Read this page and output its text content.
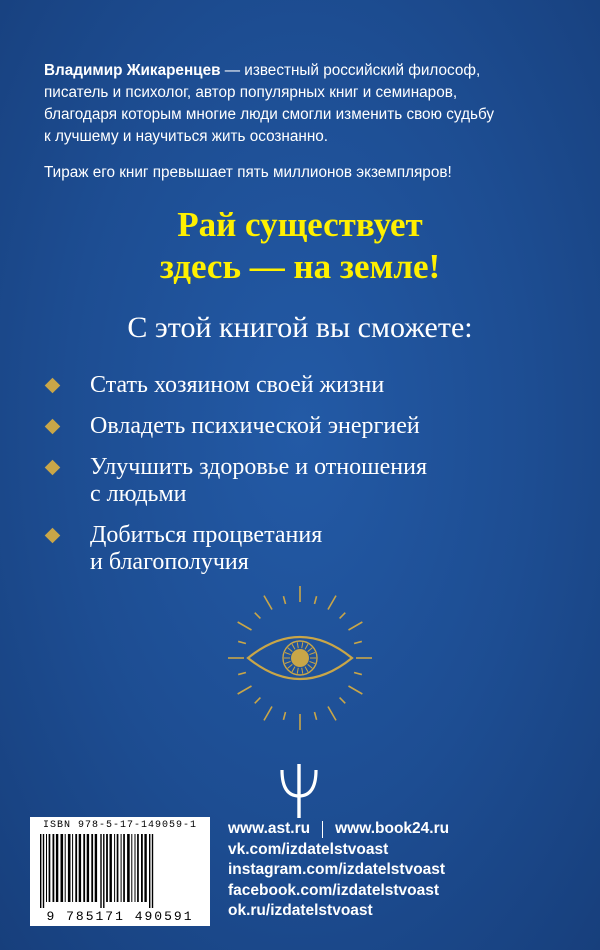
Владимир Жикаренцев — известный российский философ,
писатель и психолог, автор популярных книг и семинаров,
благодаря которым многие люди смогли изменить свою судьбу
к лучшему и научиться жить осознанно.

Тираж его книг превышает пять миллионов экземпляров!

Рай существует
здесь — на земле!
С этой книгой вы сможете:
Стать хозяином своей жизни
Овладеть психической энергией
Улучшить здоровье и отношения
с людьми
Добиться процветания
и благополучия
ISBN 978-5-17-149059-1
9 785171 490591
www.ast.ru www.book24.ru
vk.com/izdatelstvoast
instagram.com/izdatelstvoast
facebook.com/izdatelstvoast
ok.ru/izdatelstvoast
